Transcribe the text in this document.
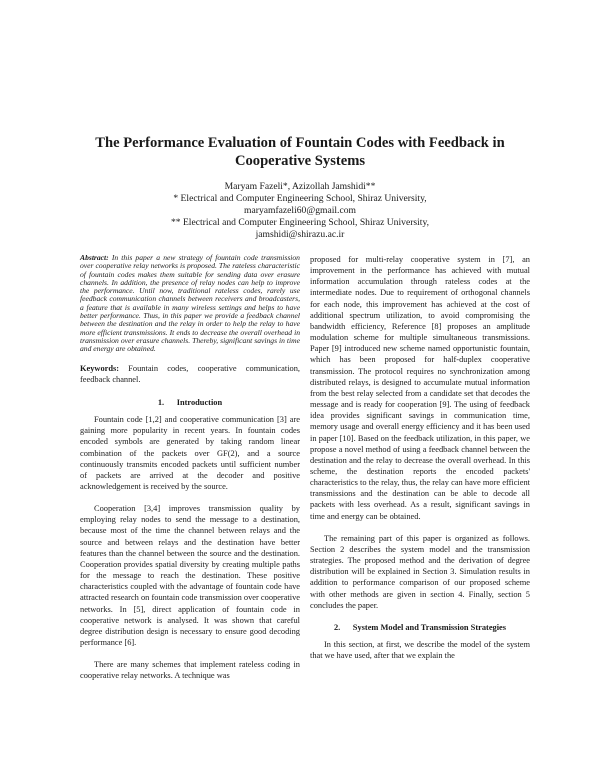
The Performance Evaluation of Fountain Codes with Feedback in Cooperative Systems
Maryam Fazeli*, Azizollah Jamshidi**
* Electrical and Computer Engineering School, Shiraz University,
maryamfazeli60@gmail.com
** Electrical and Computer Engineering School, Shiraz University,
jamshidi@shirazu.ac.ir

Abstract: In this paper a new strategy of fountain code transmission over cooperative relay networks is proposed. The rateless characteristic of fountain codes makes them suitable for sending data over erasure channels. In addition, the presence of relay nodes can help to improve the performance. Until now, traditional rateless codes, rarely use feedback communication channels between receivers and broadcasters, a feature that is available in many wireless settings and helps to have better performance. Thus, in this paper we provide a feedback channel between the destination and the relay in order to help the relay to have more efficient transmissions. It ends to decrease the overall overhead in transmission over erasure channels. Thereby, significant savings in time and energy are obtained.

Keywords: Fountain codes, cooperative communication, feedback channel.

1.      Introduction

Fountain code [1,2] and cooperative communication [3] are gaining more popularity in recent years. In fountain codes encoded symbols are generated by taking random linear combination of the packets over GF(2), and a source continuously transmits encoded packets until sufficient number of packets are arrived at the decoder and positive acknowledgement is received by the source.

Cooperation [3,4] improves transmission quality by employing relay nodes to send the message to a destination, because most of the time the channel between relays and the source and between relays and the destination have better features than the channel between the source and the destination. Cooperation provides spatial diversity by creating multiple paths for the message to reach the destination. These positive characteristics coupled with the advantage of fountain code have attracted research on fountain code transmission over cooperative networks. In [5], direct application of fountain code in cooperative network is analysed. It was shown that careful degree distribution design is necessary to ensure good decoding performance [6].

There are many schemes that implement rateless coding in cooperative relay networks. A technique was

proposed for multi-relay cooperative system in [7], an improvement in the performance has achieved with mutual information accumulation through rateless codes at the intermediate nodes. Due to requirement of orthogonal channels for each node, this improvement has achieved at the cost of additional spectrum utilization, to avoid compromising the bandwidth efficiency, Reference [8] proposes an amplitude modulation scheme for multiple simultaneous transmissions. Paper [9] introduced new scheme named opportunistic fountain, which has been proposed for half-duplex cooperative transmission. The protocol requires no synchronization among distributed relays, is designed to accumulate mutual information from the best relay selected from a candidate set that decodes the message and is ready for cooperation [9]. The using of feedback idea provides significant savings in communication time, memory usage and overall energy efficiency and it has been used in paper [10]. Based on the feedback utilization, in this paper, we propose a novel method of using a feedback channel between the destination and the relay to decrease the overall overhead. In this scheme, the destination reports the encoded packets' characteristics to the relay, thus, the relay can have more efficient transmissions and the destination can be able to decode all packets with less overhead. As a result, significant savings in time and energy can be obtained.

The remaining part of this paper is organized as follows. Section 2 describes the system model and the transmission strategies. The proposed method and the derivation of degree distribution will be explained in Section 3. Simulation results in addition to performance comparison of our proposed scheme with other methods are given in section 4. Finally, section 5 concludes the paper.

2.      System Model and Transmission Strategies

In this section, at first, we describe the model of the system that we have used, after that we explain the
